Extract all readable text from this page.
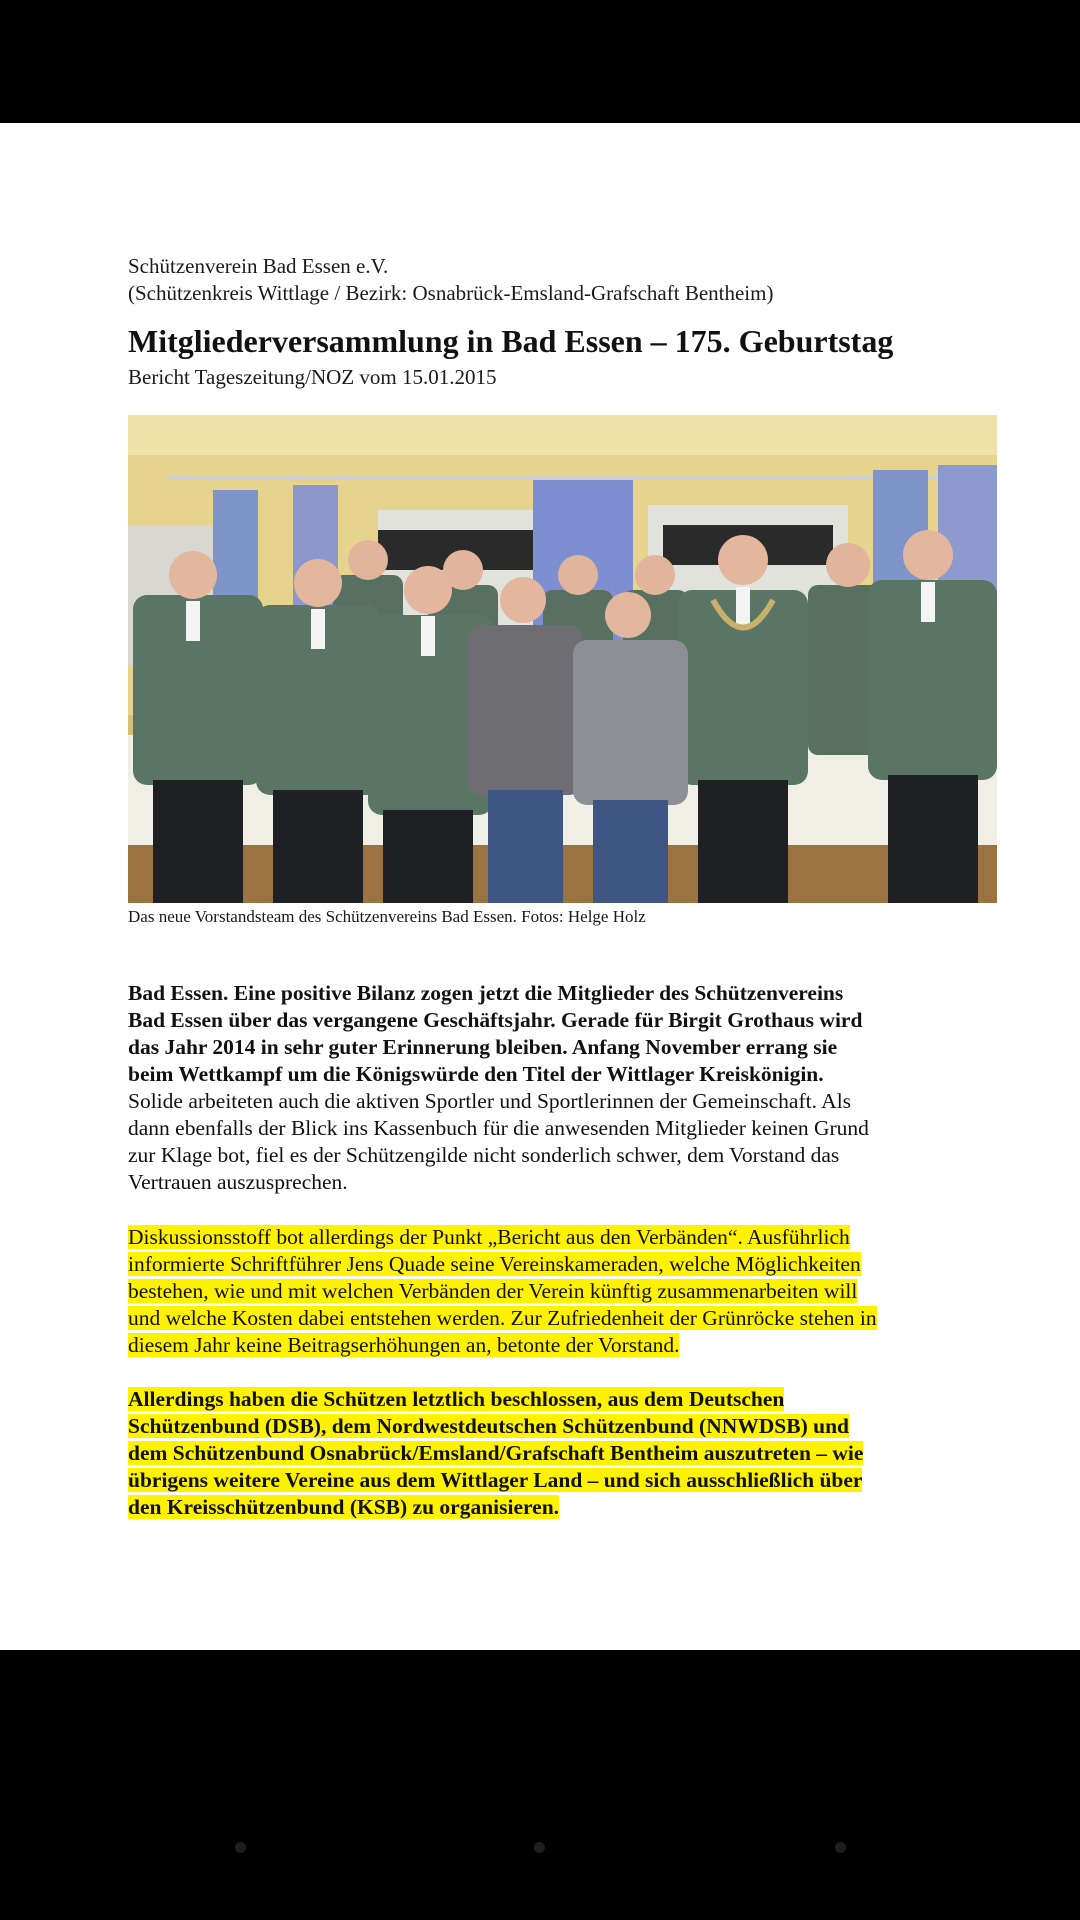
Schützenverein Bad Essen e.V.
(Schützenkreis Wittlage / Bezirk: Osnabrück-Emsland-Grafschaft Bentheim)
Mitgliederversammlung in Bad Essen – 175. Geburtstag
Bericht Tageszeitung/NOZ vom 15.01.2015
Das neue Vorstandsteam des Schützenvereins Bad Essen. Fotos: Helge Holz

Bad Essen. Eine positive Bilanz zogen jetzt die Mitglieder des Schützenvereins

Bad Essen über das vergangene Geschäftsjahr. Gerade für Birgit Grothaus wird

das Jahr 2014 in sehr guter Erinnerung bleiben. Anfang November errang sie

beim Wettkampf um die Königswürde den Titel der Wittlager Kreiskönigin.

Solide arbeiteten auch die aktiven Sportler und Sportlerinnen der Gemeinschaft. Als

dann ebenfalls der Blick ins Kassenbuch für die anwesenden Mitglieder keinen Grund

zur Klage bot, fiel es der Schützengilde nicht sonderlich schwer, dem Vorstand das

Vertrauen auszusprechen.

Diskussionsstoff bot allerdings der Punkt „Bericht aus den Verbänden“. Ausführlich

informierte Schriftführer Jens Quade seine Vereinskameraden, welche Möglichkeiten

bestehen, wie und mit welchen Verbänden der Verein künftig zusammenarbeiten will

und welche Kosten dabei entstehen werden. Zur Zufriedenheit der Grünröcke stehen in

diesem Jahr keine Beitragserhöhungen an, betonte der Vorstand.

Allerdings haben die Schützen letztlich beschlossen, aus dem Deutschen

Schützenbund (DSB), dem Nordwestdeutschen Schützenbund (NNWDSB) und

dem Schützenbund Osnabrück/Emsland/Grafschaft Bentheim auszutreten – wie

übrigens weitere Vereine aus dem Wittlager Land – und sich ausschließlich über

den Kreisschützenbund (KSB) zu organisieren.
